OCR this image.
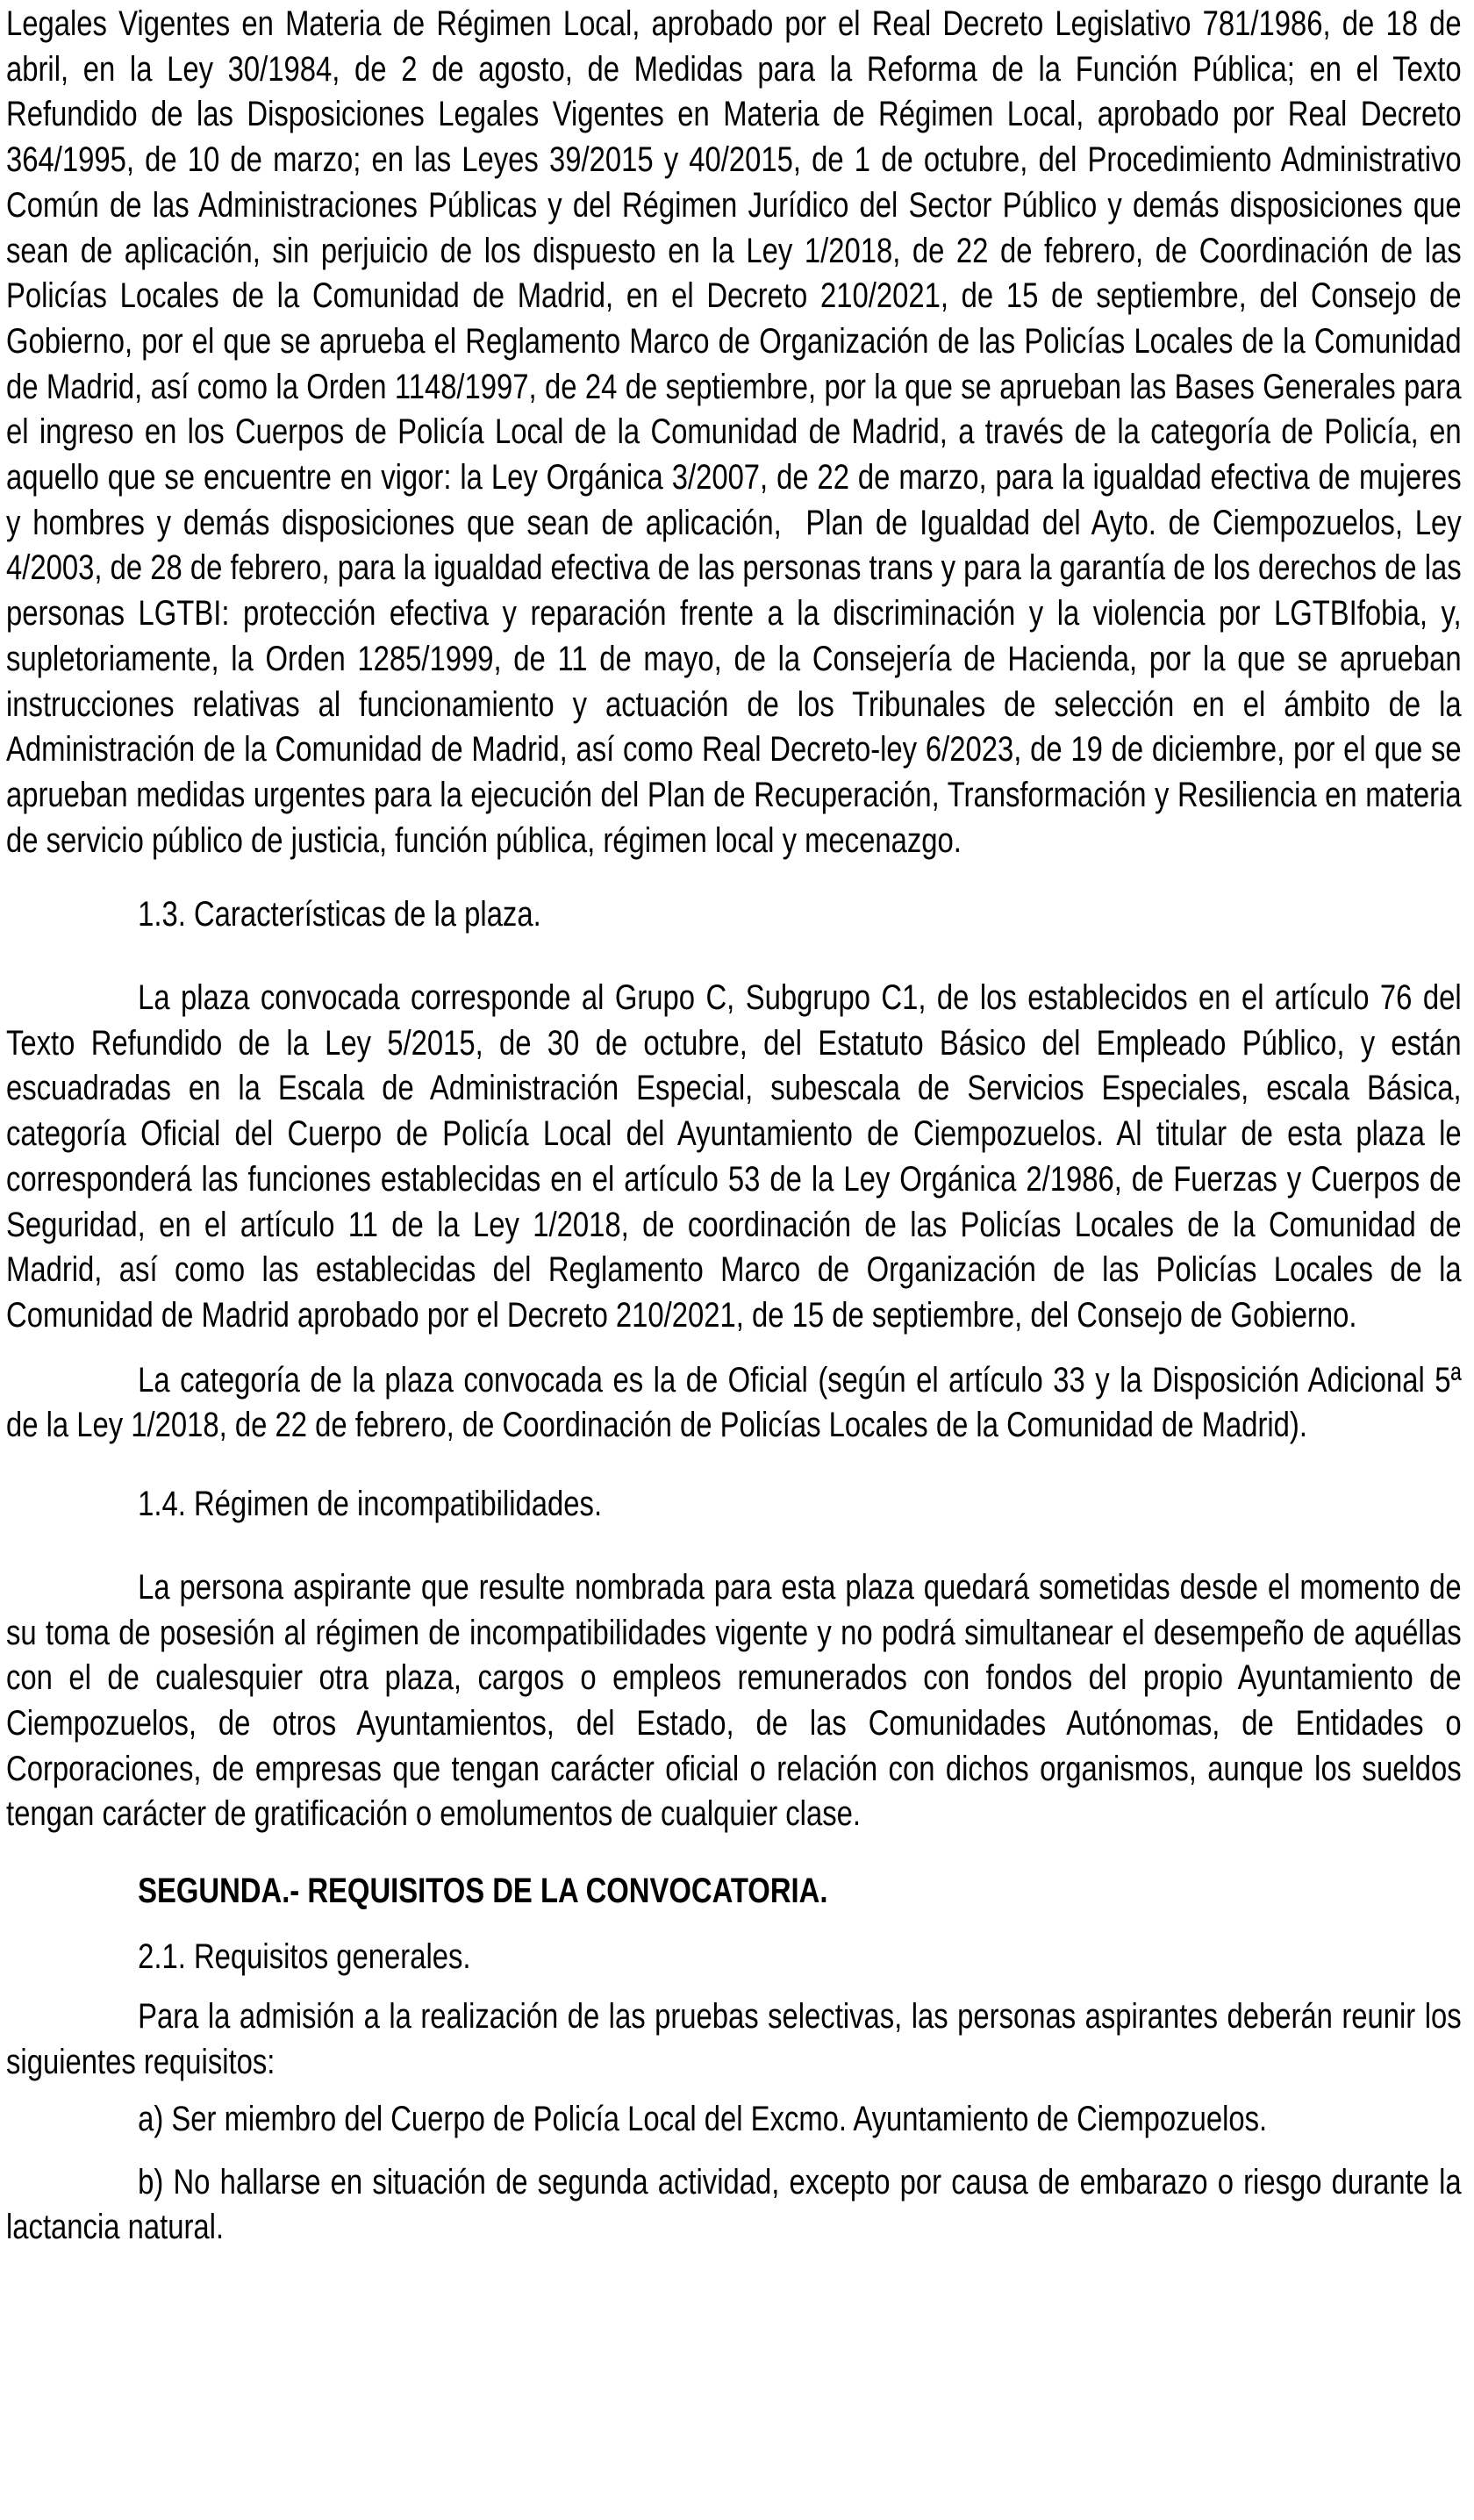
Legales Vigentes en Materia de Régimen Local, aprobado por el Real Decreto Legislativo 781/1986, de 18 de abril, en la Ley 30/1984, de 2 de agosto, de Medidas para la Reforma de la Función Pública; en el Texto Refundido de las Disposiciones Legales Vigentes en Materia de Régimen Local, aprobado por Real Decreto 364/1995, de 10 de marzo; en las Leyes 39/2015 y 40/2015, de 1 de octubre, del Procedimiento Administrativo Común de las Administraciones Públicas y del Régimen Jurídico del Sector Público y demás disposiciones que sean de aplicación, sin perjuicio de los dispuesto en la Ley 1/2018, de 22 de febrero, de Coordinación de las Policías Locales de la Comunidad de Madrid, en el Decreto 210/2021, de 15 de septiembre, del Consejo de Gobierno, por el que se aprueba el Reglamento Marco de Organización de las Policías Locales de la Comunidad de Madrid, así como la Orden 1148/1997, de 24 de septiembre, por la que se aprueban las Bases Generales para el ingreso en los Cuerpos de Policía Local de la Comunidad de Madrid, a través de la categoría de Policía, en aquello que se encuentre en vigor: la Ley Orgánica 3/2007, de 22 de marzo, para la igualdad efectiva de mujeres y hombres y demás disposiciones que sean de aplicación,  Plan de Igualdad del Ayto. de Ciempozuelos, Ley 4/2003, de 28 de febrero, para la igualdad efectiva de las personas trans y para la garantía de los derechos de las personas LGTBI: protección efectiva y reparación frente a la discriminación y la violencia por LGTBIfobia, y, supletoriamente, la Orden 1285/1999, de 11 de mayo, de la Consejería de Hacienda, por la que se aprueban instrucciones relativas al funcionamiento y actuación de los Tribunales de selección en el ámbito de la Administración de la Comunidad de Madrid, así como Real Decreto-ley 6/2023, de 19 de diciembre, por el que se aprueban medidas urgentes para la ejecución del Plan de Recuperación, Transformación y Resiliencia en materia de servicio público de justicia, función pública, régimen local y mecenazgo.

1.3. Características de la plaza.

La plaza convocada corresponde al Grupo C, Subgrupo C1, de los establecidos en el artículo 76 del Texto Refundido de la Ley 5/2015, de 30 de octubre, del Estatuto Básico del Empleado Público, y están escuadradas en la Escala de Administración Especial, subescala de Servicios Especiales, escala Básica, categoría Oficial del Cuerpo de Policía Local del Ayuntamiento de Ciempozuelos. Al titular de esta plaza le corresponderá las funciones establecidas en el artículo 53 de la Ley Orgánica 2/1986, de Fuerzas y Cuerpos de Seguridad, en el artículo 11 de la Ley 1/2018, de coordinación de las Policías Locales de la Comunidad de Madrid, así como las establecidas del Reglamento Marco de Organización de las Policías Locales de la Comunidad de Madrid aprobado por el Decreto 210/2021, de 15 de septiembre, del Consejo de Gobierno.

La categoría de la plaza convocada es la de Oficial (según el artículo 33 y la Disposición Adicional 5ª de la Ley 1/2018, de 22 de febrero, de Coordinación de Policías Locales de la Comunidad de Madrid).

1.4. Régimen de incompatibilidades.

La persona aspirante que resulte nombrada para esta plaza quedará sometidas desde el momento de su toma de posesión al régimen de incompatibilidades vigente y no podrá simultanear el desempeño de aquéllas con el de cualesquier otra plaza, cargos o empleos remunerados con fondos del propio Ayuntamiento de Ciempozuelos, de otros Ayuntamientos, del Estado, de las Comunidades Autónomas, de Entidades o Corporaciones, de empresas que tengan carácter oficial o relación con dichos organismos, aunque los sueldos tengan carácter de gratificación o emolumentos de cualquier clase.

SEGUNDA.- REQUISITOS DE LA CONVOCATORIA.

2.1. Requisitos generales.

Para la admisión a la realización de las pruebas selectivas, las personas aspirantes deberán reunir los siguientes requisitos:

a) Ser miembro del Cuerpo de Policía Local del Excmo. Ayuntamiento de Ciempozuelos.

b) No hallarse en situación de segunda actividad, excepto por causa de embarazo o riesgo durante la lactancia natural.
